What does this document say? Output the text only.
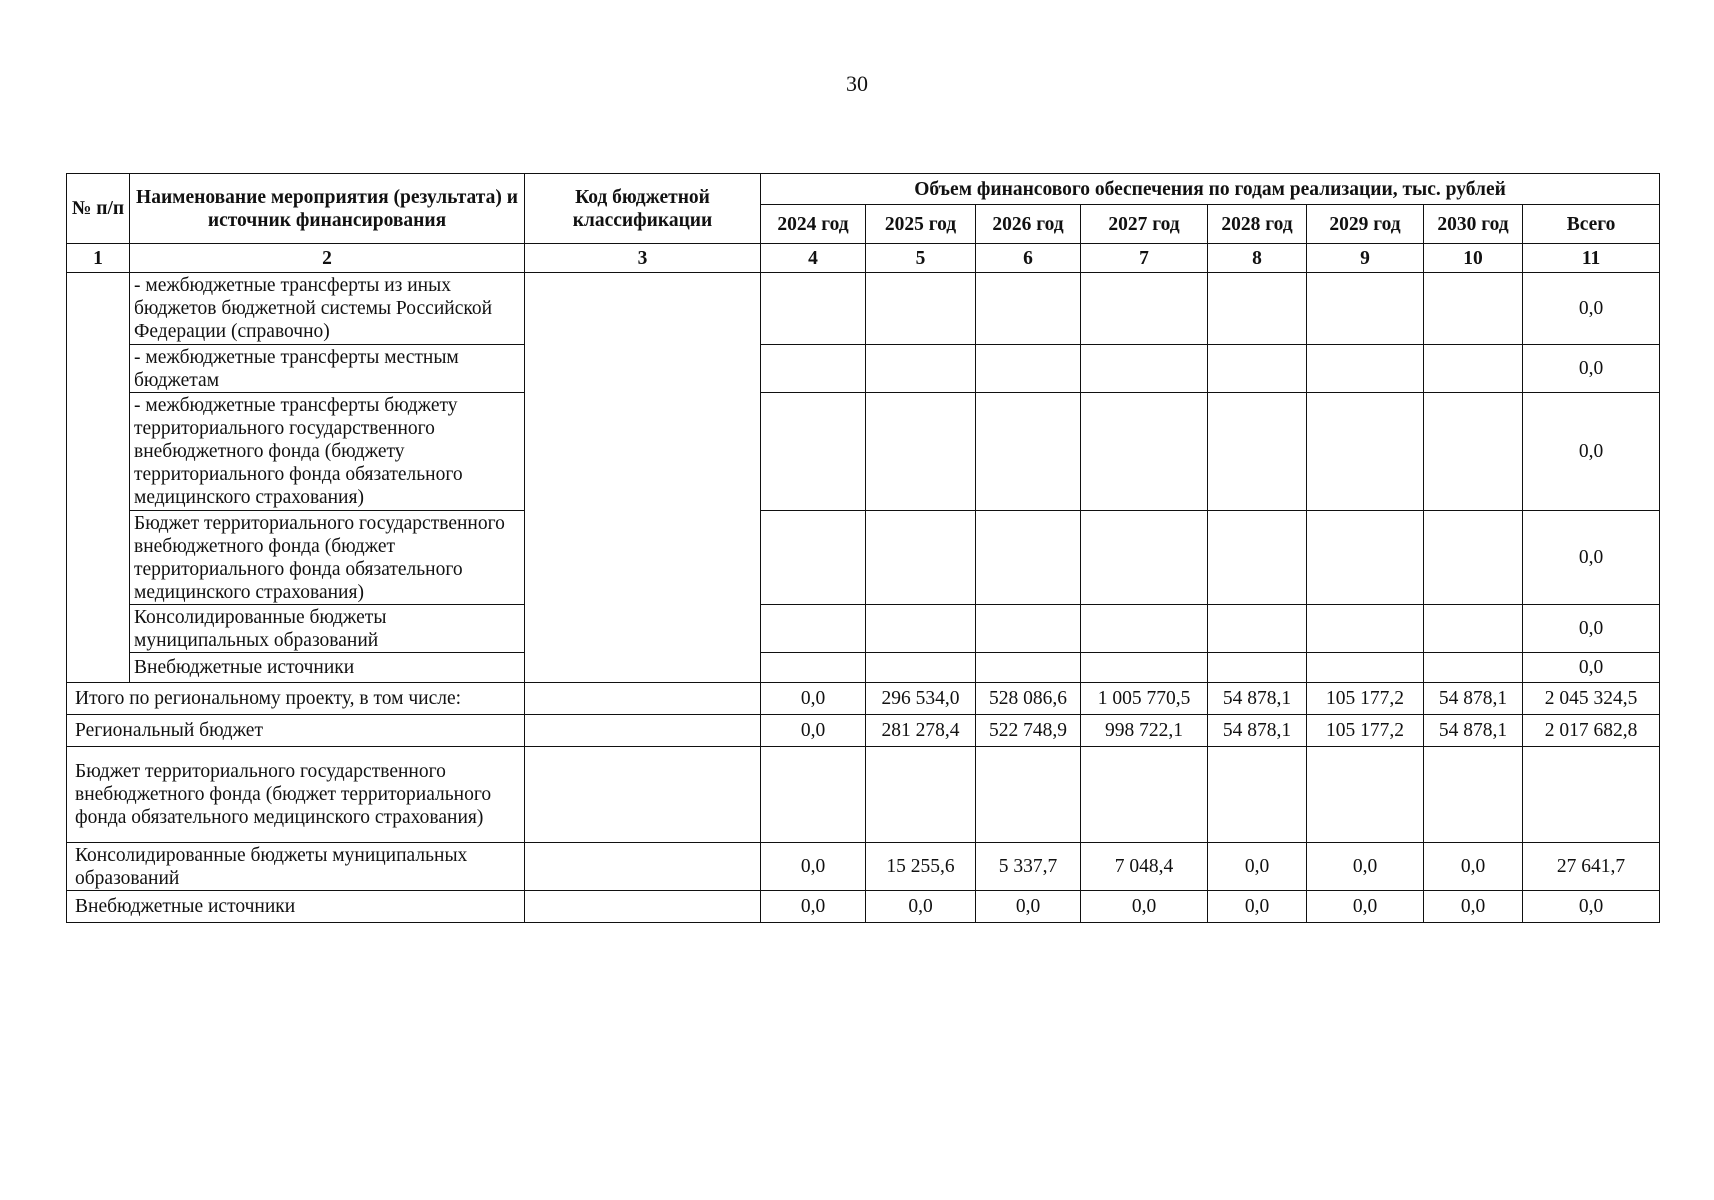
30
№ п/п	Наименование мероприятия (результата) и источник финансирования	Код бюджетной классификации	Объем финансового обеспечения по годам реализации, тыс. рублей							
			2024 год	2025 год	2026 год	2027 год	2028 год	2029 год	2030 год	Всего
1	2	3	4	5	6	7	8	9	10	11
	- межбюджетные трансферты из иных бюджетов бюджетной системы Российской Федерации (справочно)									0,0
	- межбюджетные трансферты местным бюджетам									0,0
	- межбюджетные трансферты бюджету территориального государственного внебюджетного фонда (бюджету территориального фонда обязательного медицинского страхования)									0,0
	Бюджет территориального государственного внебюджетного фонда (бюджет территориального фонда обязательного медицинского страхования)									0,0
	Консолидированные бюджеты муниципальных образований									0,0
	Внебюджетные источники									0,0
Итого по региональному проекту, в том числе:			0,0	296 534,0	528 086,6	1 005 770,5	54 878,1	105 177,2	54 878,1	2 045 324,5
Региональный бюджет			0,0	281 278,4	522 748,9	998 722,1	54 878,1	105 177,2	54 878,1	2 017 682,8
Бюджет территориального государственного внебюджетного фонда (бюджет территориального фонда обязательного медицинского страхования)										
Консолидированные бюджеты муниципальных образований			0,0	15 255,6	5 337,7	7 048,4	0,0	0,0	0,0	27 641,7
Внебюджетные источники			0,0	0,0	0,0	0,0	0,0	0,0	0,0	0,0
